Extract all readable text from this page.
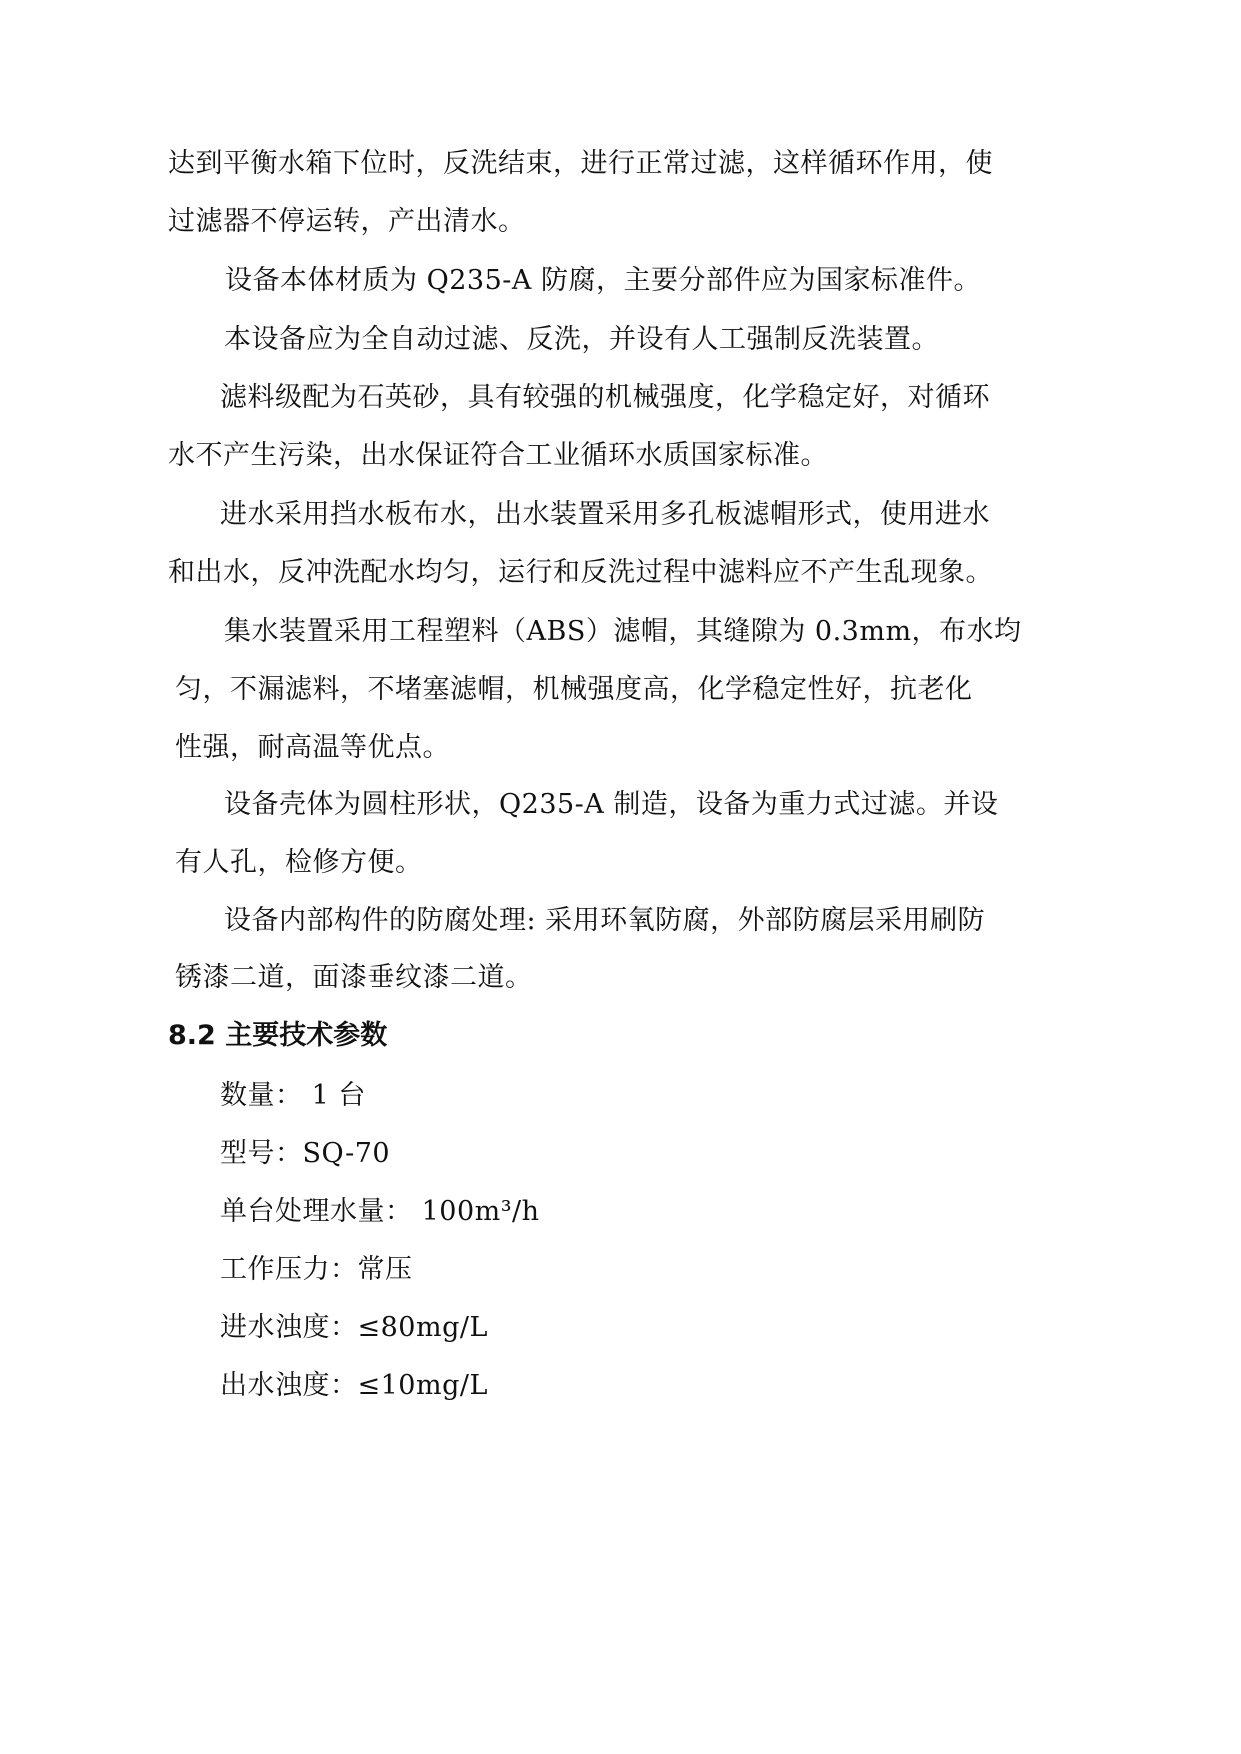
达到平衡水箱下位时，反洗结束，进行正常过滤，这样循环作用，使
过滤器不停运转，产出清水。
设备本体材质为 Q235-A 防腐，主要分部件应为国家标准件。
本设备应为全自动过滤、反洗，并设有人工强制反洗装置。
滤料级配为石英砂，具有较强的机械强度，化学稳定好，对循环
水不产生污染，出水保证符合工业循环水质国家标准。
进水采用挡水板布水，出水装置采用多孔板滤帽形式，使用进水
和出水，反冲洗配水均匀，运行和反洗过程中滤料应不产生乱现象。
集水装置采用工程塑料（ABS）滤帽，其缝隙为 0.3mm，布水均
匀，不漏滤料，不堵塞滤帽，机械强度高，化学稳定性好，抗老化
性强，耐高温等优点。
设备壳体为圆柱形状，Q235-A 制造，设备为重力式过滤。并设
有人孔，检修方便。
设备内部构件的防腐处理: 采用环氧防腐，外部防腐层采用刷防
锈漆二道，面漆垂纹漆二道。
8.2 主要技术参数
数量： 1 台
型号：SQ-70
单台处理水量： 100m³/h
工作压力：常压
进水浊度：≤80mg/L
出水浊度：≤10mg/L
